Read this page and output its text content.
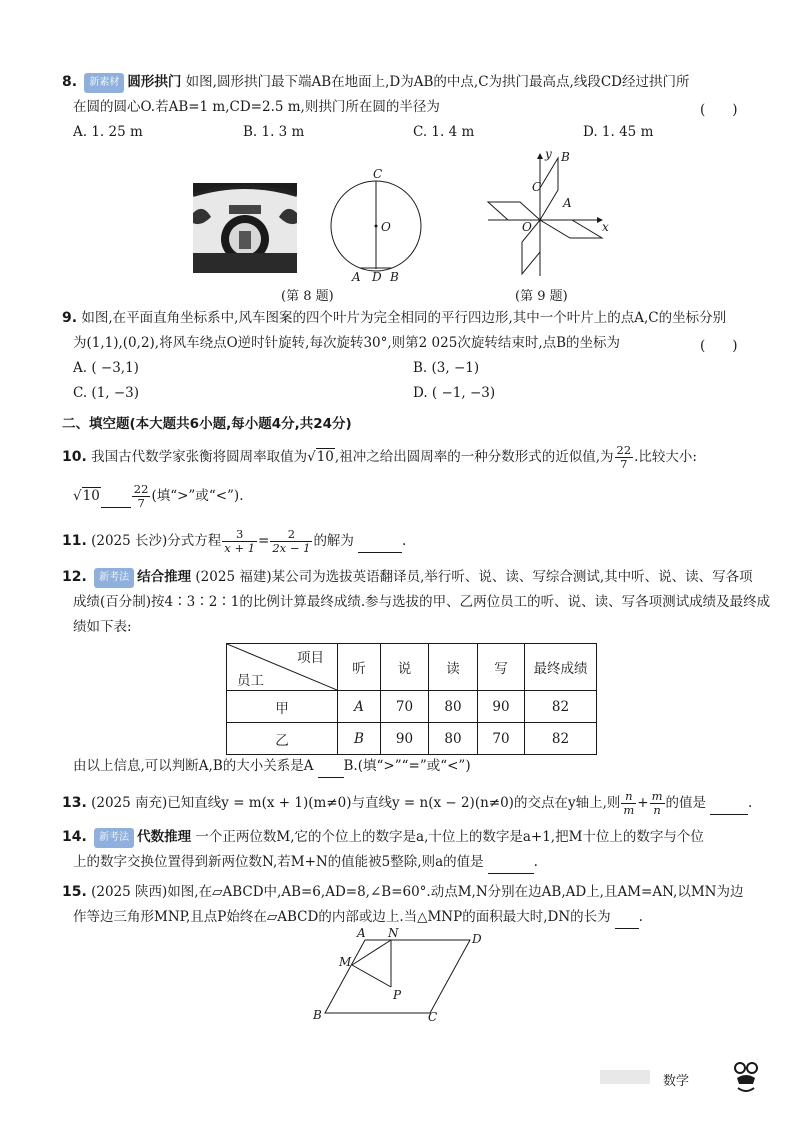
8. 新素材 圆形拱门 如图,圆形拱门最下端AB在地面上,D为AB的中点,C为拱门最高点,线段CD经过拱门所
在圆的圆心O.若AB=1 m,CD=2.5 m,则拱门所在圆的半径为	(　　)
A. 1. 25 m	B. 1. 3 m	C. 1. 4 m	D. 1. 45 m
C
O
A D B
(第 8 题)
y B
C
A
O	x
(第 9 题)
9. 如图,在平面直角坐标系中,风车图案的四个叶片为完全相同的平行四边形,其中一个叶片上的点A,C的坐标分别
为(1,1),(0,2),将风车绕点O逆时针旋转,每次旋转30°,则第2 025次旋转结束时,点B的坐标为	(　　)
A. ( −3,1)	B. (3, −1)
C. (1, −3)	D. ( −1, −3)
二、填空题(本大题共6小题,每小题4分,共24分)
10. 我国古代数学家张衡将圆周率取值为√10,祖冲之给出圆周率的一种分数形式的近似值,为 $\frac{22}{7}$ .比较大小:
√10	$\frac{22}{7}$ (填“>”或“<”).
11. (2025 长沙)分式方程 $\frac{3}{x + 1} = \frac{2}{2x - 1}$ 的解为	.
12. 新考法 结合推理 (2025 福建)某公司为选拔英语翻译员,举行听、说、读、写综合测试,其中听、说、读、写各项
成绩(百分制)按4∶3∶2∶1的比例计算最终成绩.参与选拔的甲、乙两位员工的听、说、读、写各项测试成绩及最终成
绩如下表:
项目
员工	听	说	读	写	最终成绩
甲	A	70	80	90	82
乙	B	90	80	70	82
由以上信息,可以判断A,B的大小关系是A B.(填“>”“=”或“<”)
13. (2025 南充)已知直线y = m(x + 1)(m≠0)与直线y = n(x − 2)(n≠0)的交点在y轴上,则 $\frac{n}{m} + \frac{m}{n}$ 的值是	.
14. 新考法 代数推理 一个正两位数M,它的个位上的数字是a,十位上的数字是a+1,把M十位上的数字与个位
上的数字交换位置得到新两位数N,若M+N的值能被5整除,则a的值是	.
15. (2025 陕西)如图,在▱ABCD中,AB=6,AD=8,∠B=60°.动点M,N分别在边AB,AD上,且AM=AN,以MN为边
作等边三角形MNP,且点P始终在▱ABCD的内部或边上.当△MNP的面积最大时,DN的长为 .
A N	D
M
P
B	C
数学
